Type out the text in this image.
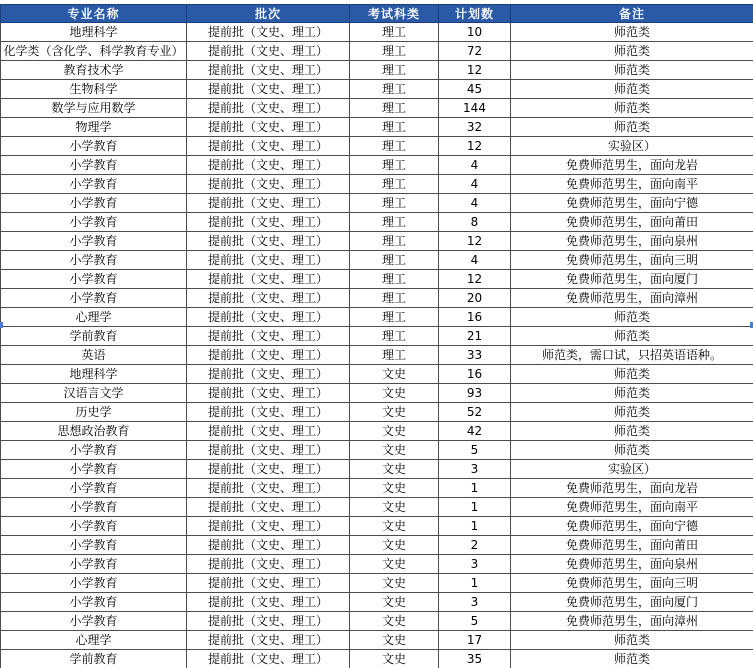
专业名称	批次	考试科类	计划数	备注
地理科学	提前批（文史、理工）	理工	10	师范类
化学类（含化学、科学教育专业）	提前批（文史、理工）	理工	72	师范类
教育技术学	提前批（文史、理工）	理工	12	师范类
生物科学	提前批（文史、理工）	理工	45	师范类
数学与应用数学	提前批（文史、理工）	理工	144	师范类
物理学	提前批（文史、理工）	理工	32	师范类
小学教育	提前批（文史、理工）	理工	12	实验区）
小学教育	提前批（文史、理工）	理工	4	免费师范男生，面向龙岩
小学教育	提前批（文史、理工）	理工	4	免费师范男生，面向南平
小学教育	提前批（文史、理工）	理工	4	免费师范男生，面向宁德
小学教育	提前批（文史、理工）	理工	8	免费师范男生，面向莆田
小学教育	提前批（文史、理工）	理工	12	免费师范男生，面向泉州
小学教育	提前批（文史、理工）	理工	4	免费师范男生，面向三明
小学教育	提前批（文史、理工）	理工	12	免费师范男生，面向厦门
小学教育	提前批（文史、理工）	理工	20	免费师范男生，面向漳州
心理学	提前批（文史、理工）	理工	16	师范类
学前教育	提前批（文史、理工）	理工	21	师范类
英语	提前批（文史、理工）	理工	33	师范类，需口试，只招英语语种。
地理科学	提前批（文史、理工）	文史	16	师范类
汉语言文学	提前批（文史、理工）	文史	93	师范类
历史学	提前批（文史、理工）	文史	52	师范类
思想政治教育	提前批（文史、理工）	文史	42	师范类
小学教育	提前批（文史、理工）	文史	5	师范类
小学教育	提前批（文史、理工）	文史	3	实验区）
小学教育	提前批（文史、理工）	文史	1	免费师范男生，面向龙岩
小学教育	提前批（文史、理工）	文史	1	免费师范男生，面向南平
小学教育	提前批（文史、理工）	文史	1	免费师范男生，面向宁德
小学教育	提前批（文史、理工）	文史	2	免费师范男生，面向莆田
小学教育	提前批（文史、理工）	文史	3	免费师范男生，面向泉州
小学教育	提前批（文史、理工）	文史	1	免费师范男生，面向三明
小学教育	提前批（文史、理工）	文史	3	免费师范男生，面向厦门
小学教育	提前批（文史、理工）	文史	5	免费师范男生，面向漳州
心理学	提前批（文史、理工）	文史	17	师范类
学前教育	提前批（文史、理工）	文史	35	师范类
